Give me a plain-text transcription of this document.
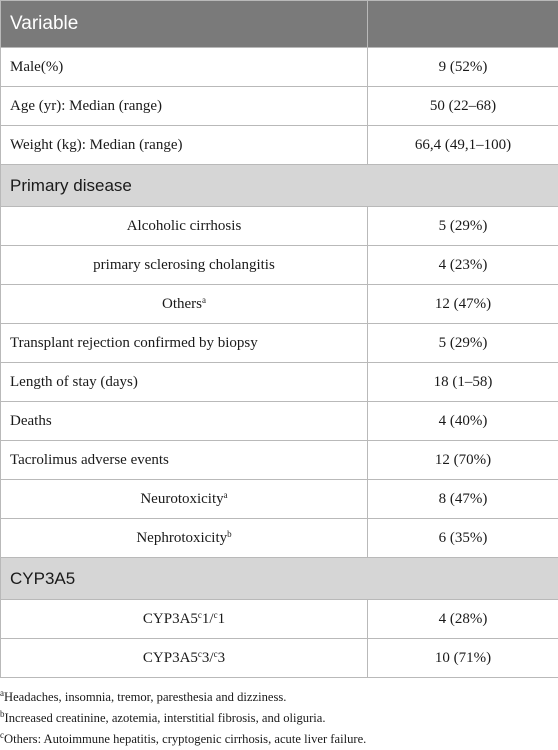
Variable	
Male(%)	9 (52%)
Age (yr): Median (range)	50 (22–68)
Weight (kg): Median (range)	66,4 (49,1–100)
Primary disease	
Alcoholic cirrhosis	5 (29%)
primary sclerosing cholangitis	4 (23%)
Others$^a$	12 (47%)
Transplant rejection confirmed by biopsy	5 (29%)
Length of stay (days)	18 (1–58)
Deaths	4 (40%)
Tacrolimus adverse events	12 (70%)
Neurotoxicity$^a$	8 (47%)
Nephrotoxicity$^b$	6 (35%)
CYP3A5	
CYP3A5$^c$1/$^c$1	4 (28%)
CYP3A5$^c$3/$^c$3	10 (71%)
$^a$Headaches, insomnia, tremor, paresthesia and dizziness.
$^b$Increased creatinine, azotemia, interstitial fibrosis, and oliguria.
$^c$Others: Autoimmune hepatitis, cryptogenic cirrhosis, acute liver failure.
